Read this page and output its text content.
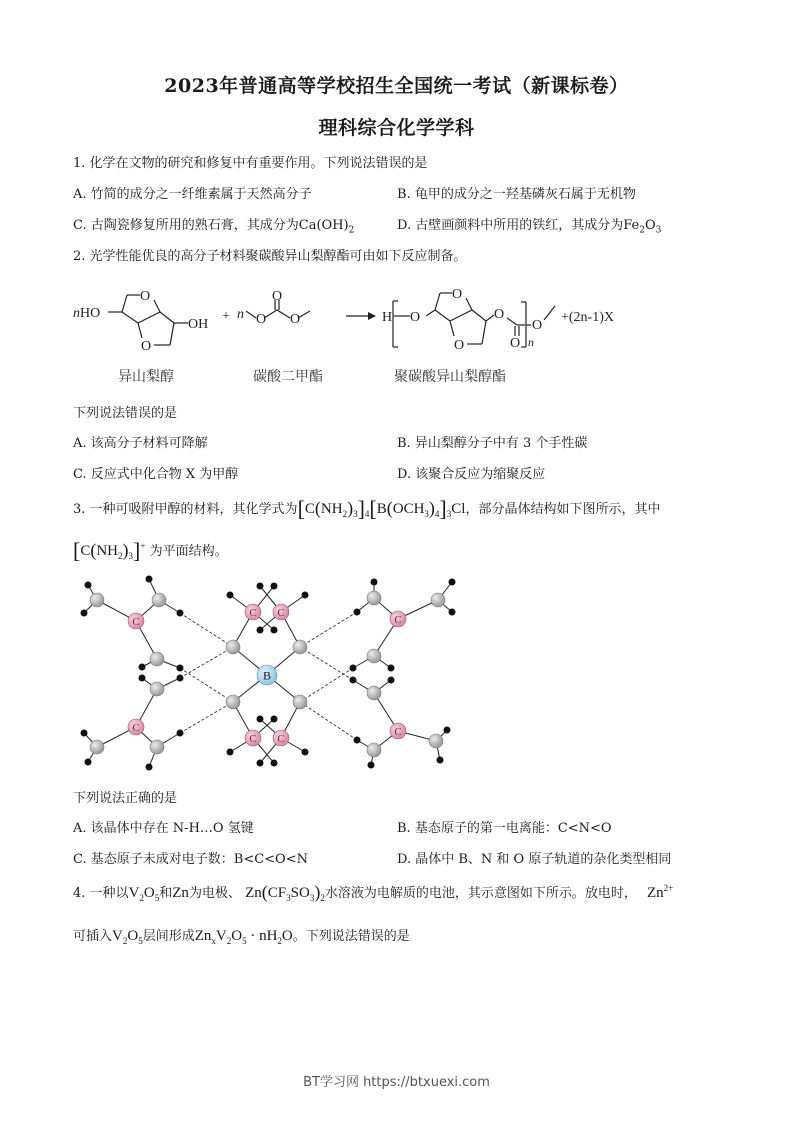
2023年普通高等学校招生全国统一考试（新课标卷）
理科综合化学学科
1. 化学在文物的研究和修复中有重要作用。下列说法错误的是
A. 竹简的成分之一纤维素属于天然高分子	B. 龟甲的成分之一羟基磷灰石属于无机物
C. 古陶瓷修复所用的熟石膏，其成分为$Ca(OH)_2$	D. 古壁画颜料中所用的铁红，其成分为$Fe_2O_3$
2. 光学性能优良的高分子材料聚碳酸异山梨醇酯可由如下反应制备。
nHO
O
OH
O
+ n O
O
O	H O
O
O
O
O n
O
+(2n-1)X
异山梨醇	碳酸二甲酯	聚碳酸异山梨醇酯
下列说法错误的是
A. 该高分子材料可降解	B. 异山梨醇分子中有 3 个手性碳
C. 反应式中化合物 X 为甲醇	D. 该聚合反应为缩聚反应
3. 一种可吸附甲醇的材料，其化学式为$[C(NH_2)_3]_4[B(OCH_3)_4]_3Cl$，部分晶体结构如下图所示，其中
$[C(NH_2)_3]^+$ 为平面结构。
C
C
C C
C C
C
C
B
下列说法正确的是
A. 该晶体中存在 N-H…O 氢键	B. 基态原子的第一电离能：C<N<O
C. 基态原子未成对电子数：B<C<O<N	D. 晶体中 B、N 和 O 原子轨道的杂化类型相同
4. 一种以$V_2O_5$和Zn为电极、 $Zn(CF_3SO_3)_2$水溶液为电解质的电池，其示意图如下所示。放电时， $Zn^{2+}$
可插入$V_2O_5$层间形成$Zn_xV_2O_5 \cdot nH_2O$。下列说法错误的是
BT学习网 https://btxuexi.com
